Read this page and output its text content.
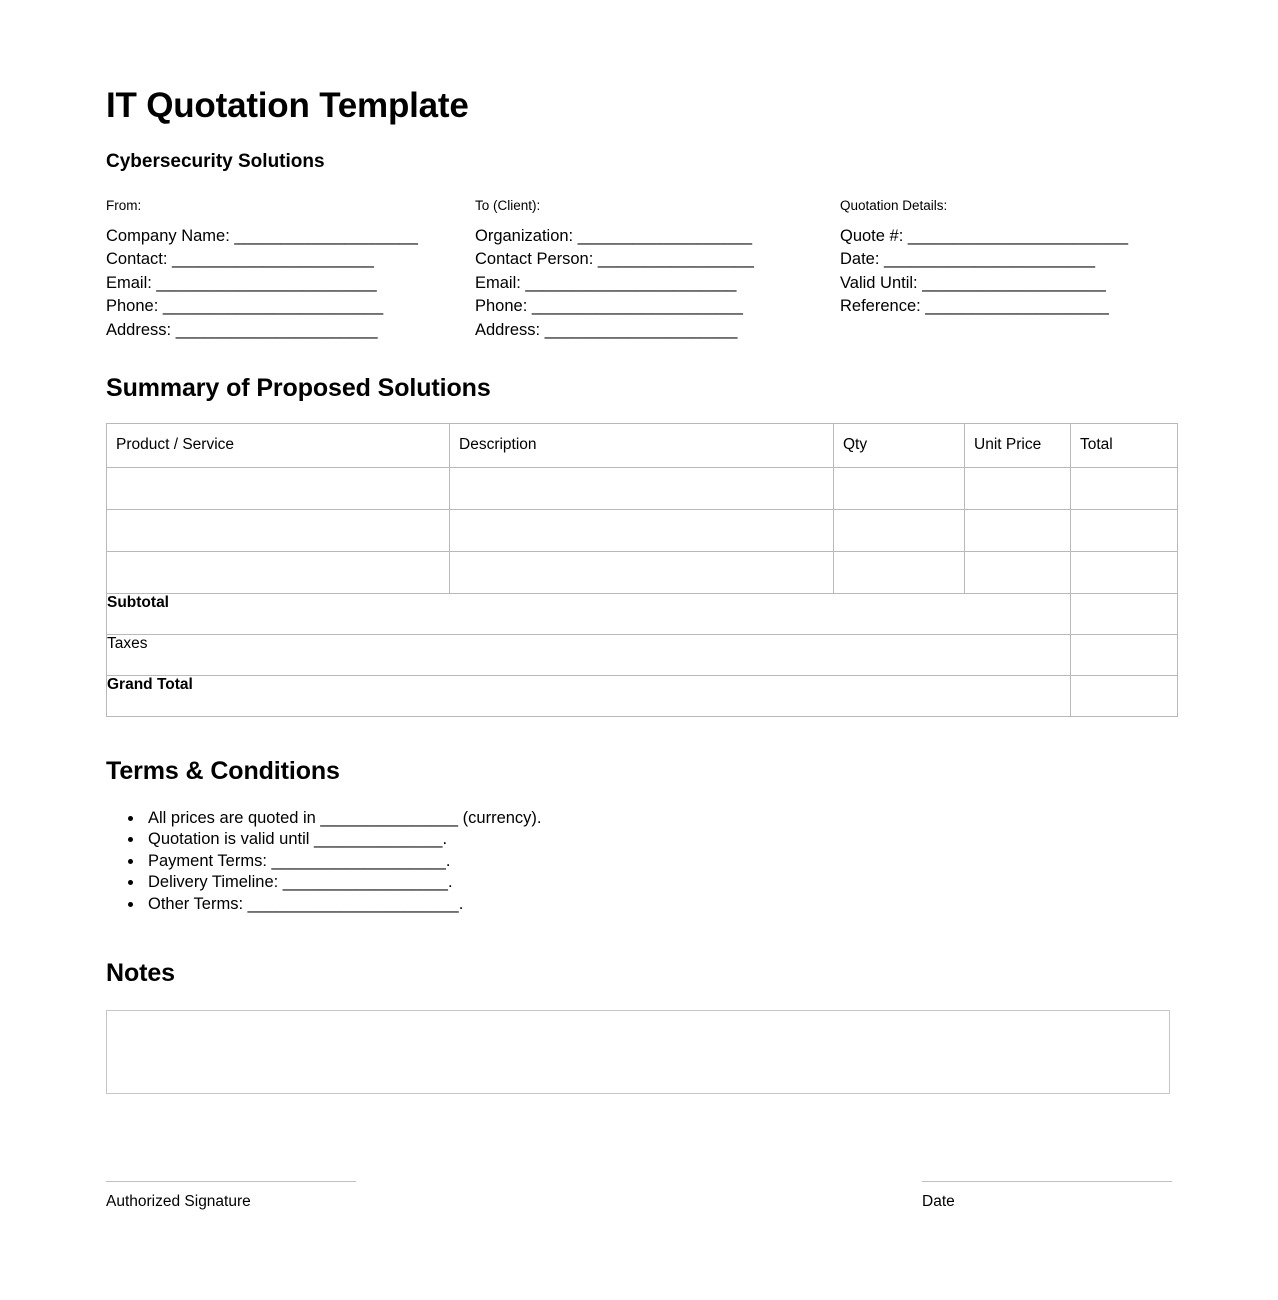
IT Quotation Template
Cybersecurity Solutions
From:
Company Name: ____________________
Contact: ______________________
Email: ________________________
Phone: ________________________
Address: ______________________
To (Client):
Organization: ___________________
Contact Person: _________________
Email: _______________________
Phone: _______________________
Address: _____________________
Quotation Details:
Quote #: ________________________
Date: _______________________
Valid Until: ____________________
Reference: ____________________
Summary of Proposed Solutions
Product / Service	Description	Qty	Unit Price	Total

Subtotal				
Taxes				
Grand Total				
Terms & Conditions
• All prices are quoted in _______________ (currency).
• Quotation is valid until ______________.
• Payment Terms: ___________________.
• Delivery Timeline: __________________.
• Other Terms: _______________________.
Notes
Authorized Signature	Date
